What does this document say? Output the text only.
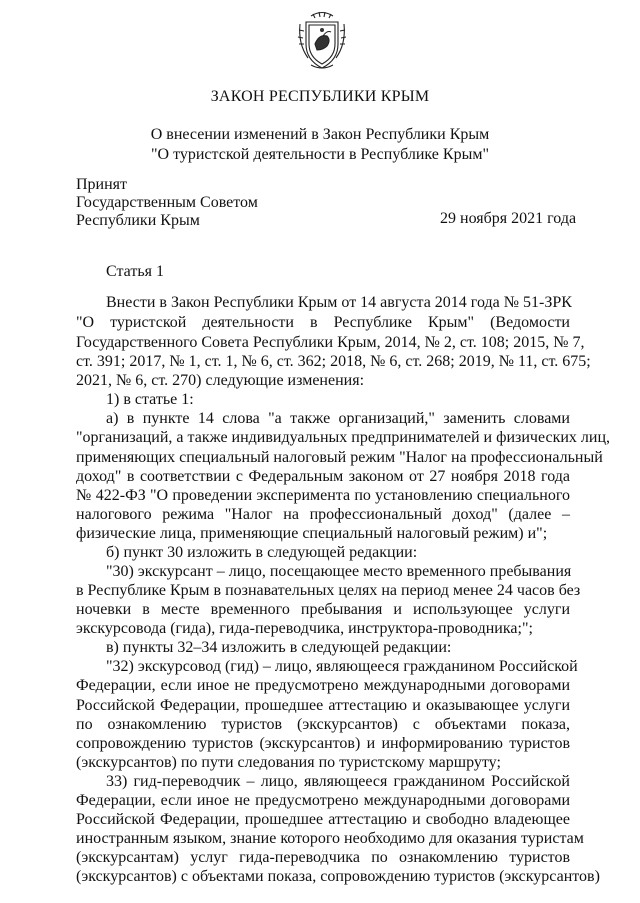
ЗАКОН РЕСПУБЛИКИ КРЫМ
О внесении изменений в Закон Республики Крым
"О туристской деятельности в Республике Крым"
Принят
Государственным Советом
Республики Крым	29 ноября 2021 года
Статья 1
Внести в Закон Республики Крым от 14 августа 2014 года № 51-ЗРК
"О туристской деятельности в Республике Крым" (Ведомости
Государственного Совета Республики Крым, 2014, № 2, ст. 108; 2015, № 7,
ст. 391; 2017, № 1, ст. 1, № 6, ст. 362; 2018, № 6, ст. 268; 2019, № 11, ст. 675;
2021, № 6, ст. 270) следующие изменения:
1) в статье 1:
а) в пункте 14 слова "а также организаций," заменить словами
"организаций, а также индивидуальных предпринимателей и физических лиц,
применяющих специальный налоговый режим "Налог на профессиональный
доход" в соответствии с Федеральным законом от 27 ноября 2018 года
№ 422-ФЗ "О проведении эксперимента по установлению специального
налогового режима "Налог на профессиональный доход" (далее –
физические лица, применяющие специальный налоговый режим) и";
б) пункт 30 изложить в следующей редакции:
"30) экскурсант – лицо, посещающее место временного пребывания
в Республике Крым в познавательных целях на период менее 24 часов без
ночевки в месте временного пребывания и использующее услуги
экскурсовода (гида), гида-переводчика, инструктора-проводника;";
в) пункты 32–34 изложить в следующей редакции:
"32) экскурсовод (гид) – лицо, являющееся гражданином Российской
Федерации, если иное не предусмотрено международными договорами
Российской Федерации, прошедшее аттестацию и оказывающее услуги
по ознакомлению туристов (экскурсантов) с объектами показа,
сопровождению туристов (экскурсантов) и информированию туристов
(экскурсантов) по пути следования по туристскому маршруту;
33) гид-переводчик – лицо, являющееся гражданином Российской
Федерации, если иное не предусмотрено международными договорами
Российской Федерации, прошедшее аттестацию и свободно владеющее
иностранным языком, знание которого необходимо для оказания туристам
(экскурсантам) услуг гида-переводчика по ознакомлению туристов
(экскурсантов) с объектами показа, сопровождению туристов (экскурсантов)
